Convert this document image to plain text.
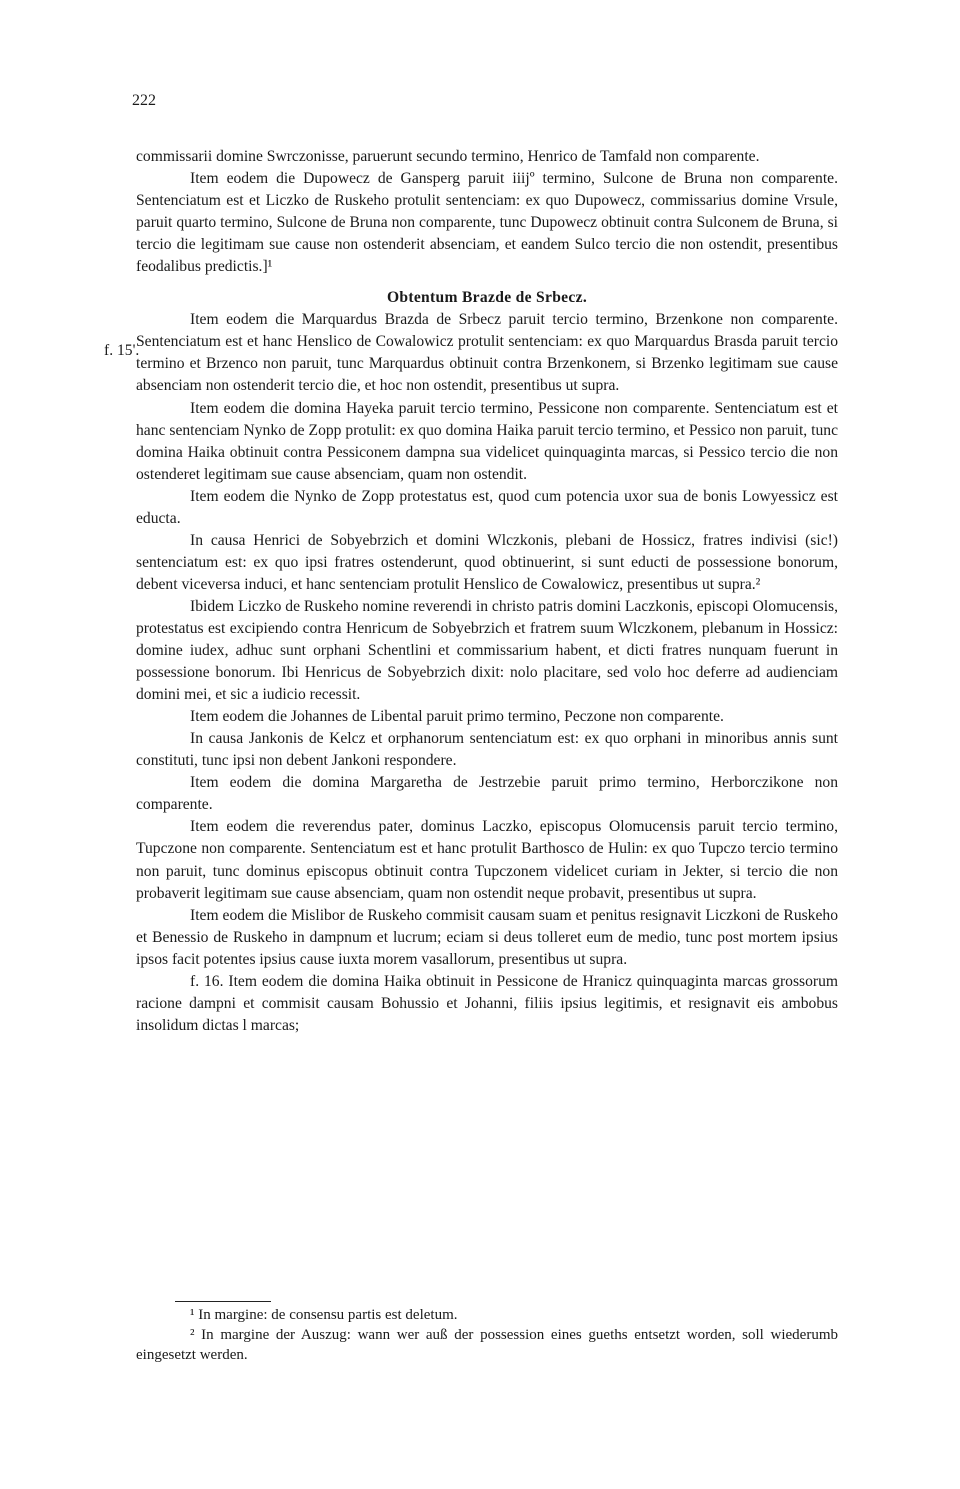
222

commissarii domine Swrczonisse, paruerunt secundo termino, Henrico de Tamfald non comparente.

Item eodem die Dupowecz de Gansperg paruit iiijº termino, Sulcone de Bruna non comparente. Sentenciatum est et Liczko de Ruskeho protulit sentenciam: ex quo Dupowecz, commissarius domine Vrsule, paruit quarto termino, Sulcone de Bruna non comparente, tunc Dupowecz obtinuit contra Sulconem de Bruna, si tercio die legitimam sue cause non ostenderit absenciam, et eandem Sulco tercio die non ostendit, presentibus feodalibus predictis.]¹

Obtentum Brazde de Srbecz.

Item eodem die Marquardus Brazda de Srbecz paruit tercio termino, Brzenkone non comparente. Sentenciatum est et hanc Henslico de Cowalowicz protulit sentenciam: ex quo Marquardus Brasda paruit tercio termino et Brzenco non paruit, tunc Marquardus obtinuit contra Brzenkonem, si Brzenko legitimam sue cause absenciam non ostenderit tercio die, et hoc non ostendit, presentibus ut supra.

Item eodem die domina Hayeka paruit tercio termino, Pessicone non comparente. Sentenciatum est et hanc sentenciam Nynko de Zopp protulit: ex quo domina Haika paruit tercio termino, et Pessico non paruit, tunc domina Haika obtinuit contra Pessiconem dampna sua videlicet quinquaginta marcas, si Pessico tercio die non ostenderet legitimam sue cause absenciam, quam non ostendit.

Item eodem die Nynko de Zopp protestatus est, quod cum potencia uxor sua de bonis Lowyessicz est educta.

In causa Henrici de Sobyebrzich et domini Wlczkonis, plebani de Hossicz, fratres indivisi (sic!) sentenciatum est: ex quo ipsi fratres ostenderunt, quod obtinuerint, si sunt educti de possessione bonorum, debent viceversa induci, et hanc sentenciam protulit Henslico de Cowalowicz, presentibus ut supra.²

Ibidem Liczko de Ruskeho nomine reverendi in christo patris domini Laczkonis, episcopi Olomucensis, protestatus est excipiendo contra Henricum de Sobyebrzich et fratrem suum Wlczkonem, plebanum in Hossicz: domine iudex, adhuc sunt orphani Schentlini et commissarium habent, et dicti fratres nunquam fuerunt in possessione bonorum. Ibi Henricus de Sobyebrzich dixit: nolo placitare, sed volo hoc deferre ad audienciam domini mei, et sic a iudicio recessit.

Item eodem die Johannes de Libental paruit primo termino, Peczone non comparente.

In causa Jankonis de Kelcz et orphanorum sentenciatum est: ex quo orphani in minoribus annis sunt constituti, tunc ipsi non debent Jankoni respondere.

Item eodem die domina Margaretha de Jestrzebie paruit primo termino, Herborczikone non comparente.

Item eodem die reverendus pater, dominus Laczko, episcopus Olomucensis paruit tercio termino, Tupczone non comparente. Sentenciatum est et hanc protulit Barthosco de Hulin: ex quo Tupczo tercio termino non paruit, tunc dominus episcopus obtinuit contra Tupczonem videlicet curiam in Jekter, si tercio die non probaverit legitimam sue cause absenciam, quam non ostendit neque probavit, presentibus ut supra.

Item eodem die Mislibor de Ruskeho commisit causam suam et penitus resignavit Liczkoni de Ruskeho et Benessio de Ruskeho in dampnum et lucrum; eciam si deus tolleret eum de medio, tunc post mortem ipsius ipsos facit potentes ipsius cause iuxta morem vasallorum, presentibus ut supra.

f. 16. Item eodem die domina Haika obtinuit in Pessicone de Hranicz quinquaginta marcas grossorum racione dampni et commisit causam Bohussio et Johanni, filiis ipsius legitimis, et resignavit eis ambobus insolidum dictas l marcas;

f. 15'.

¹ In margine: de consensu partis est deletum.

² In margine der Auszug: wann wer auß der possession eines gueths entsetzt worden, soll wiederumb eingesetzt werden.
